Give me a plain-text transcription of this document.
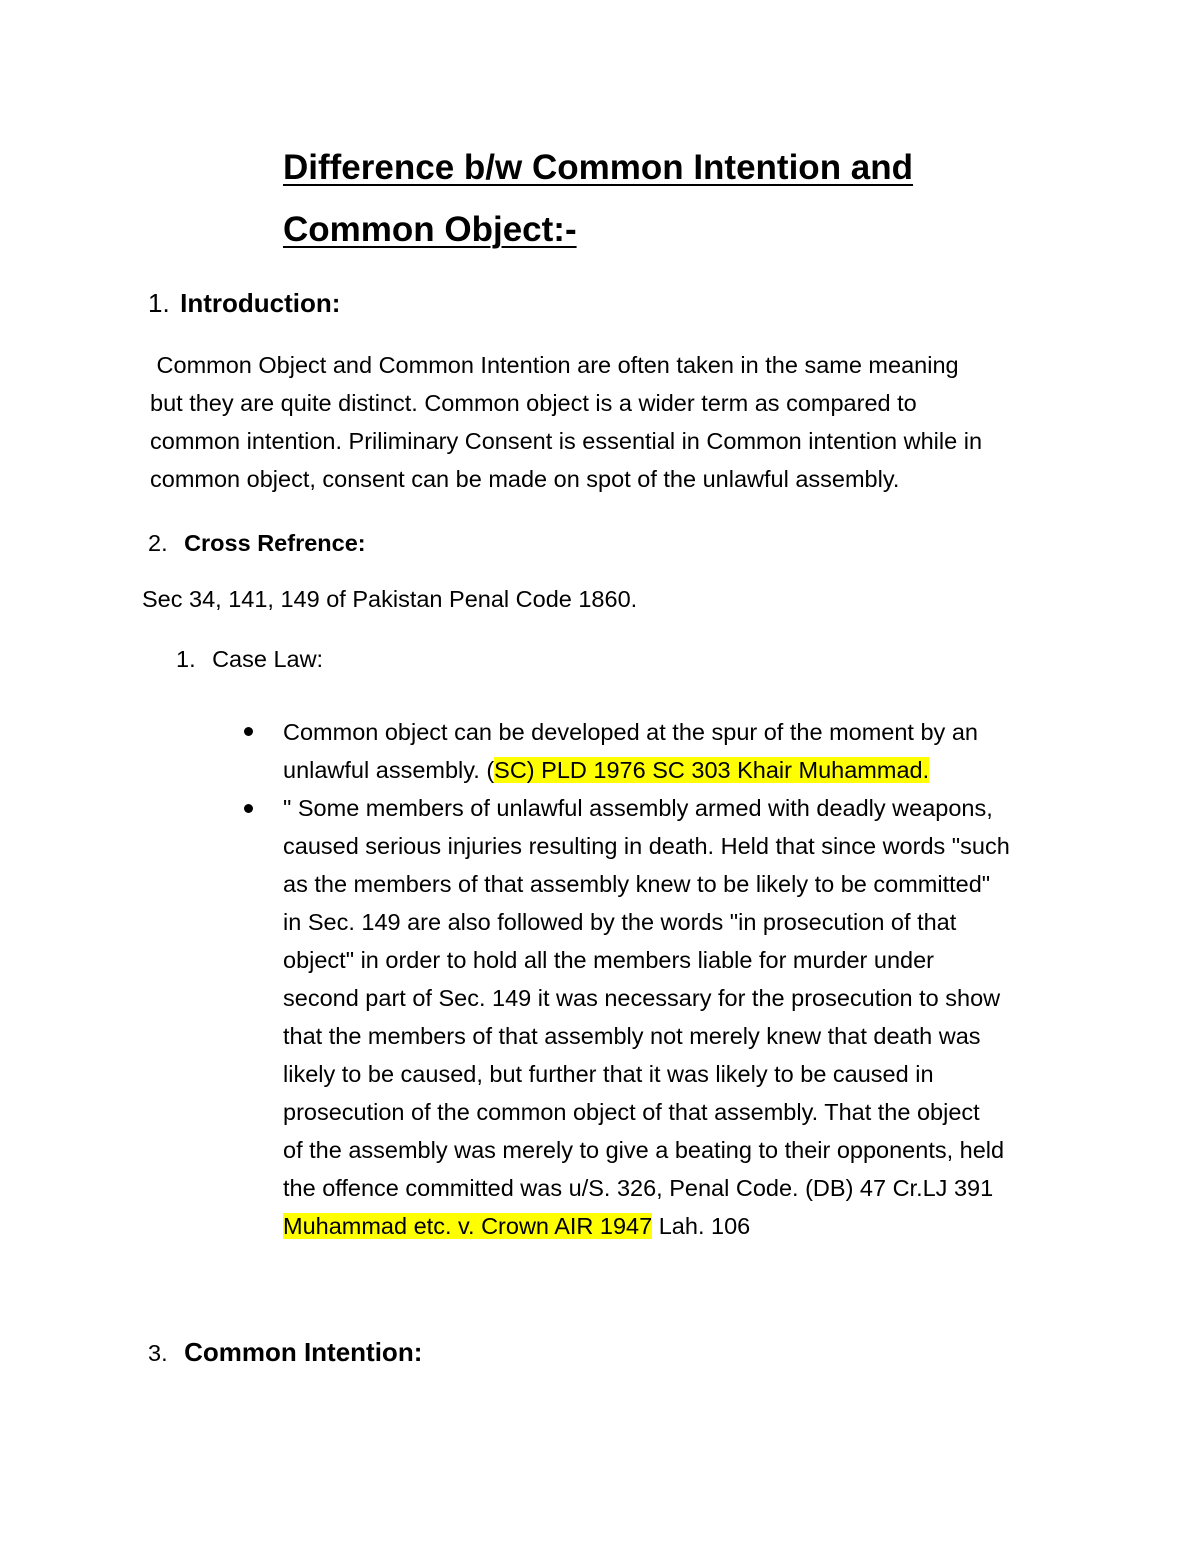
Difference b/w Common Intention and
Common Object:-
1. Introduction:
Common Object and Common Intention are often taken in the same meaning
but they are quite distinct. Common object is a wider term as compared to
common intention. Priliminary Consent is essential in Common intention while in
common object, consent can be made on spot of the unlawful assembly.
2. Cross Refrence:
Sec 34, 141, 149 of Pakistan Penal Code 1860.
1. Case Law:
Common object can be developed at the spur of the moment by an
unlawful assembly. (SC) PLD 1976 SC 303 Khair Muhammad.
" Some members of unlawful assembly armed with deadly weapons,
caused serious injuries resulting in death. Held that since words "such
as the members of that assembly knew to be likely to be committed"
in Sec. 149 are also followed by the words "in prosecution of that
object" in order to hold all the members liable for murder under
second part of Sec. 149 it was necessary for the prosecution to show
that the members of that assembly not merely knew that death was
likely to be caused, but further that it was likely to be caused in
prosecution of the common object of that assembly. That the object
of the assembly was merely to give a beating to their opponents, held
the offence committed was u/S. 326, Penal Code. (DB) 47 Cr.LJ 391
Muhammad etc. v. Crown AIR 1947 Lah. 106
3. Common Intention:
